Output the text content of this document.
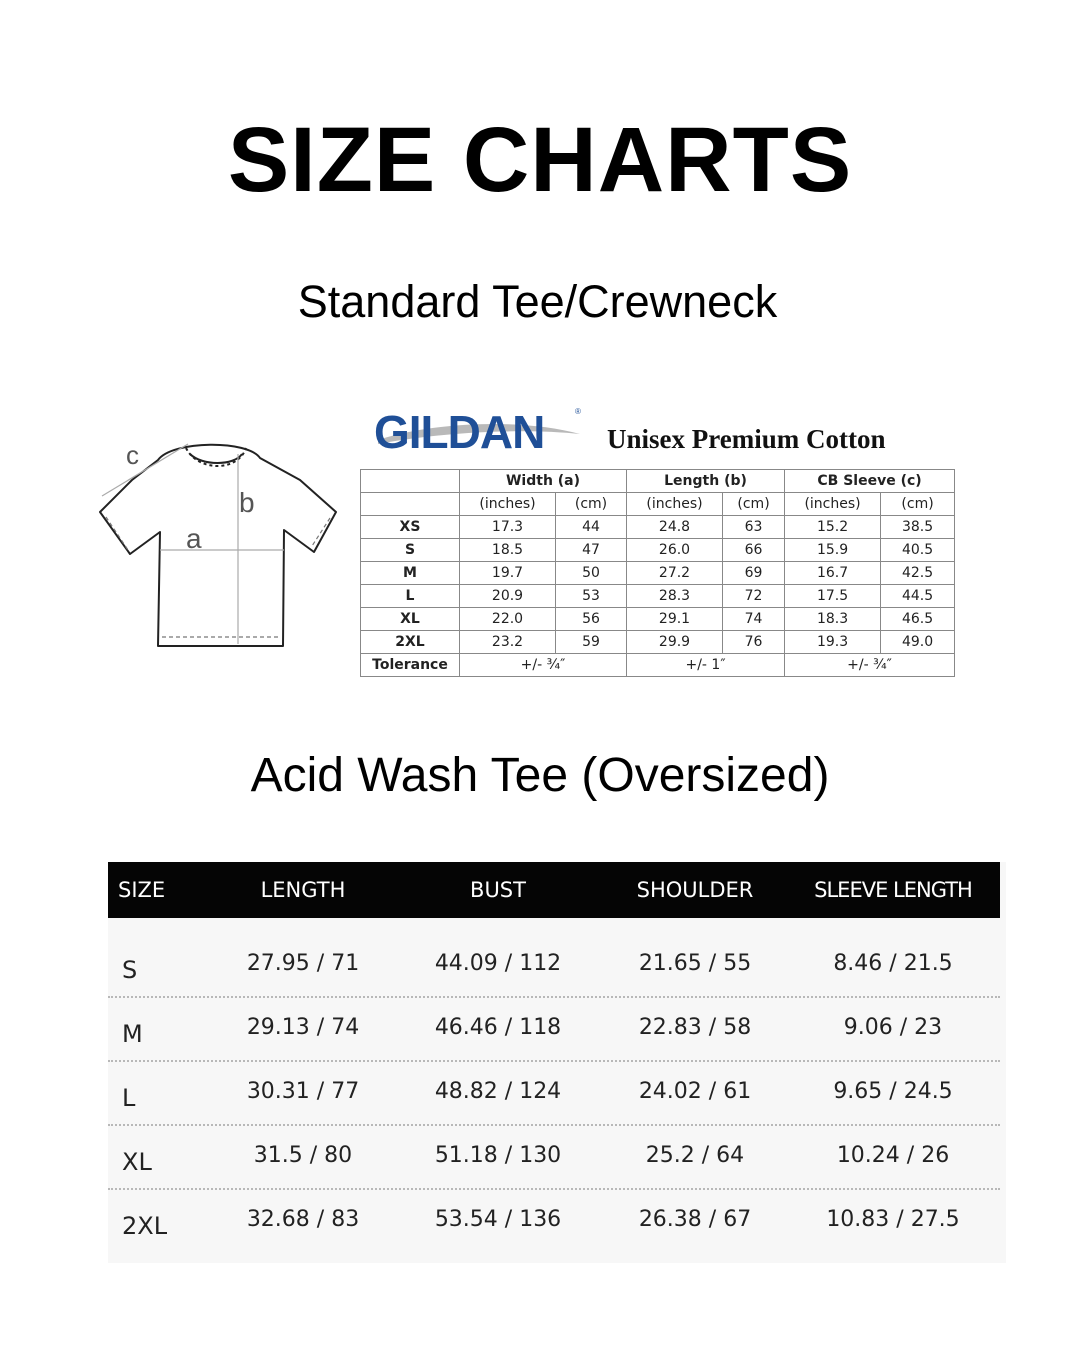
SIZE CHARTS
Standard Tee/Crewneck
c
b
a
GILDAN	®
Unisex Premium Cotton
	Width (a)		Length (b)		CB Sleeve (c)	
	(inches)	(cm)	(inches)	(cm)	(inches)	(cm)
XS	17.3	44	24.8	63	15.2	38.5
S	18.5	47	26.0	66	15.9	40.5
M	19.7	50	27.2	69	16.7	42.5
L	20.9	53	28.3	72	17.5	44.5
XL	22.0	56	29.1	74	18.3	46.5
2XL	23.2	59	29.9	76	19.3	49.0
Tolerance	+/- ¾″		+/- 1″		+/- ¾″	
Acid Wash Tee (Oversized)
SIZE	LENGTH	BUST	SHOULDER	SLEEVE LENGTH
S	27.95 / 71	44.09 / 112	21.65 / 55	8.46 / 21.5
M	29.13 / 74	46.46 / 118	22.83 / 58	9.06 / 23
L	30.31 / 77	48.82 / 124	24.02 / 61	9.65 / 24.5
XL	31.5 / 80	51.18 / 130	25.2 / 64	10.24 / 26
2XL	32.68 / 83	53.54 / 136	26.38 / 67	10.83 / 27.5
